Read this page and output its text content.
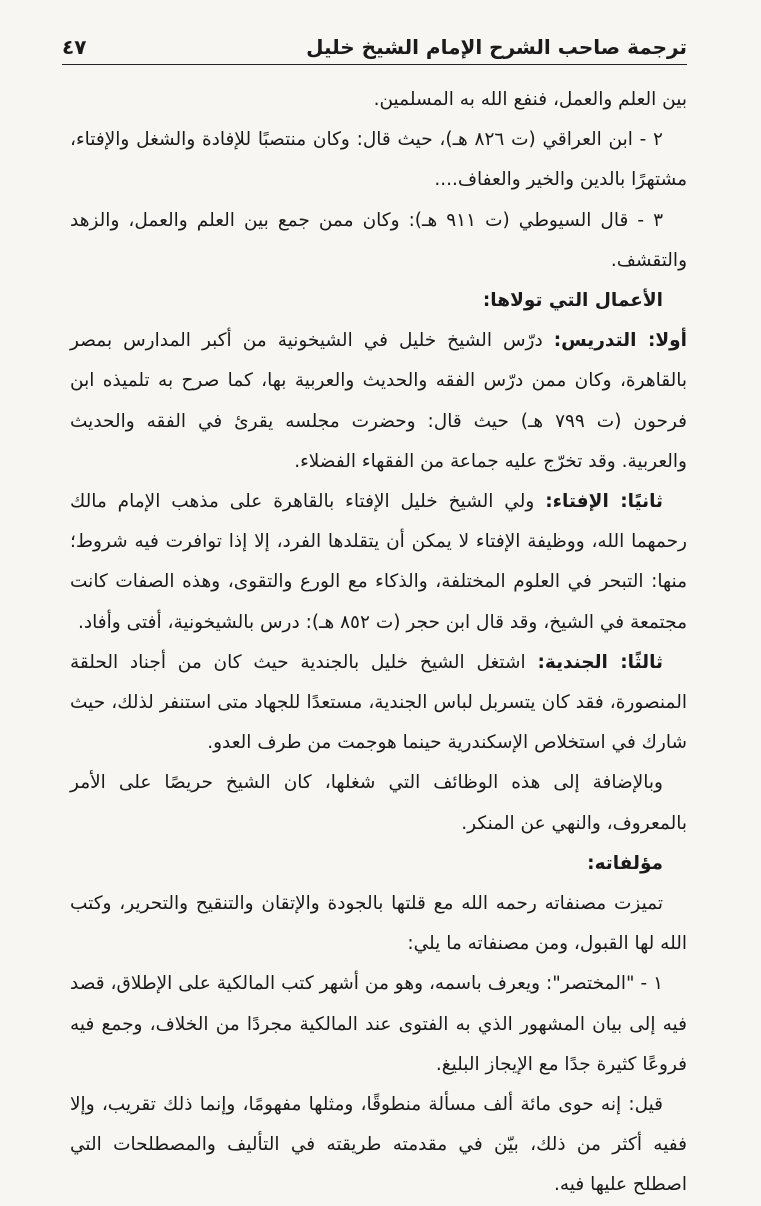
ترجمة صاحب الشرح الإمام الشيخ خليل
٤٧

بين العلم والعمل، فنفع الله به المسلمين.

٢ - ابن العراقي (ت ٨٢٦ هـ)، حيث قال: وكان منتصبًا للإفادة والشغل والإفتاء، مشتهرًا بالدين والخير والعفاف....

٣ - قال السيوطي (ت ٩١١ هـ): وكان ممن جمع بين العلم والعمل، والزهد والتقشف.

الأعمال التي تولاها:

أولا: التدريس: درّس الشيخ خليل في الشيخونية من أكبر المدارس بمصر بالقاهرة، وكان ممن درّس الفقه والحديث والعربية بها، كما صرح به تلميذه ابن فرحون (ت ٧٩٩ هـ) حيث قال: وحضرت مجلسه يقرئ في الفقه والحديث والعربية. وقد تخرّج عليه جماعة من الفقهاء الفضلاء.

ثانيًا: الإفتاء: ولي الشيخ خليل الإفتاء بالقاهرة على مذهب الإمام مالك رحمهما الله، ووظيفة الإفتاء لا يمكن أن يتقلدها الفرد، إلا إذا توافرت فيه شروط؛ منها: التبحر في العلوم المختلفة، والذكاء مع الورع والتقوى، وهذه الصفات كانت مجتمعة في الشيخ، وقد قال ابن حجر (ت ٨٥٢ هـ): درس بالشيخونية، أفتى وأفاد.

ثالثًا: الجندية: اشتغل الشيخ خليل بالجندية حيث كان من أجناد الحلقة المنصورة، فقد كان يتسربل لباس الجندية، مستعدًا للجهاد متى استنفر لذلك، حيث شارك في استخلاص الإسكندرية حينما هوجمت من طرف العدو.

وبالإضافة إلى هذه الوظائف التي شغلها، كان الشيخ حريصًا على الأمر بالمعروف، والنهي عن المنكر.

مؤلفاته:

تميزت مصنفاته رحمه الله مع قلتها بالجودة والإتقان والتنقيح والتحرير، وكتب الله لها القبول، ومن مصنفاته ما يلي:

١ - "المختصر": ويعرف باسمه، وهو من أشهر كتب المالكية على الإطلاق، قصد فيه إلى بيان المشهور الذي به الفتوى عند المالكية مجردًا من الخلاف، وجمع فيه فروعًا كثيرة جدًا مع الإيجاز البليغ.

قيل: إنه حوى مائة ألف مسألة منطوقًا، ومثلها مفهومًا، وإنما ذلك تقريب، وإلا ففيه أكثر من ذلك، بيّن في مقدمته طريقته في التأليف والمصطلحات التي اصطلح عليها فيه.
